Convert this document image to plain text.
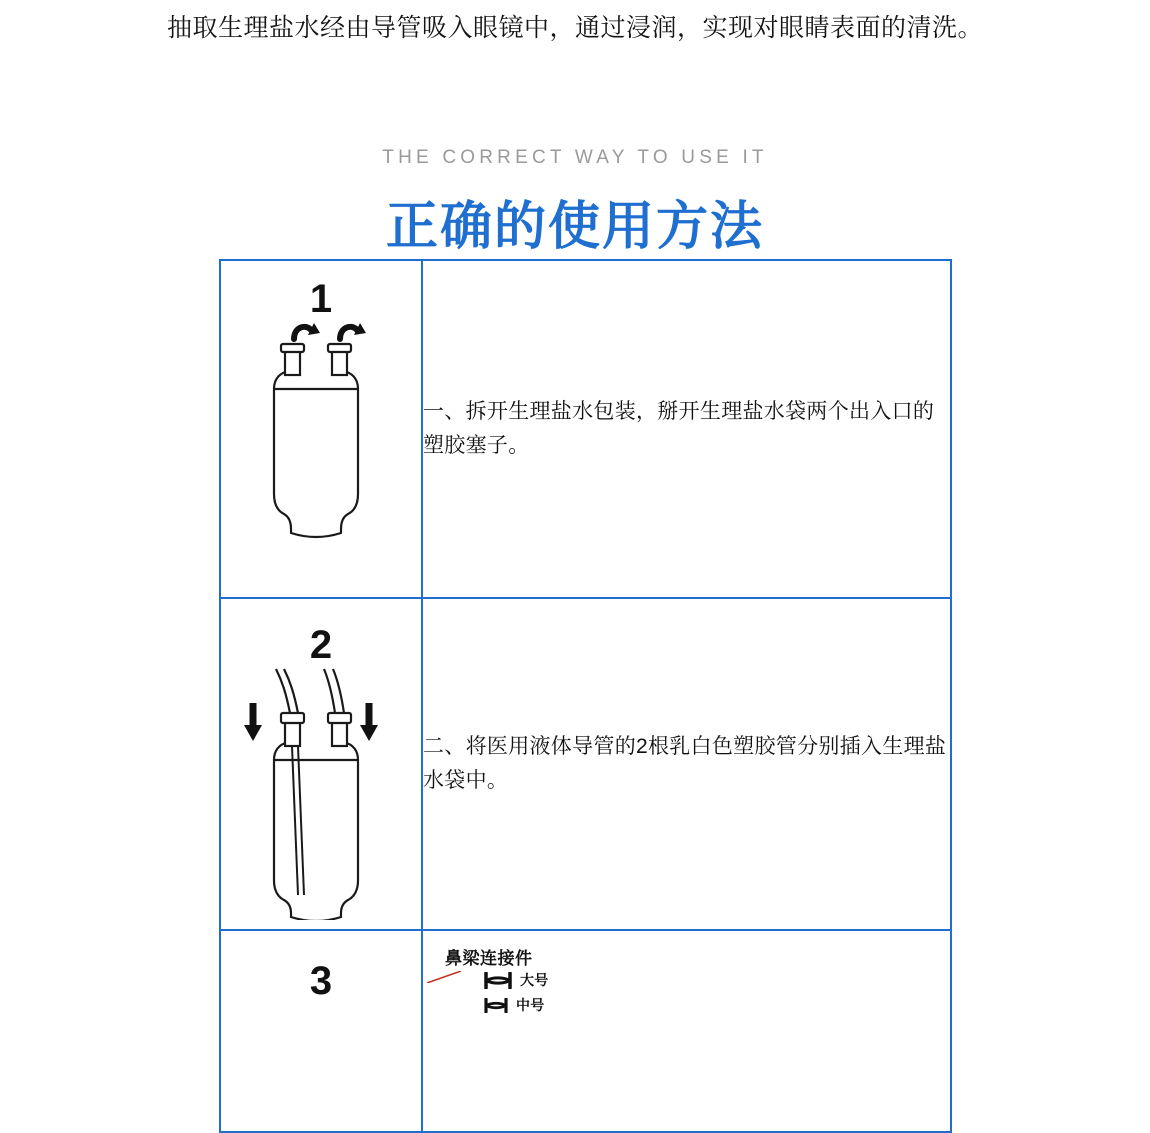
抽取生理盐水经由导管吸入眼镜中，通过浸润，实现对眼睛表面的清洗。
THE CORRECT WAY TO USE IT
正确的使用方法
1	一、拆开生理盐水包装，掰开生理盐水袋两个出入口的塑胶塞子。

2	二、将医用液体导管的2根乳白色塑胶管分别插入生理盐水袋中。

3	鼻梁连接件
大号
中号
